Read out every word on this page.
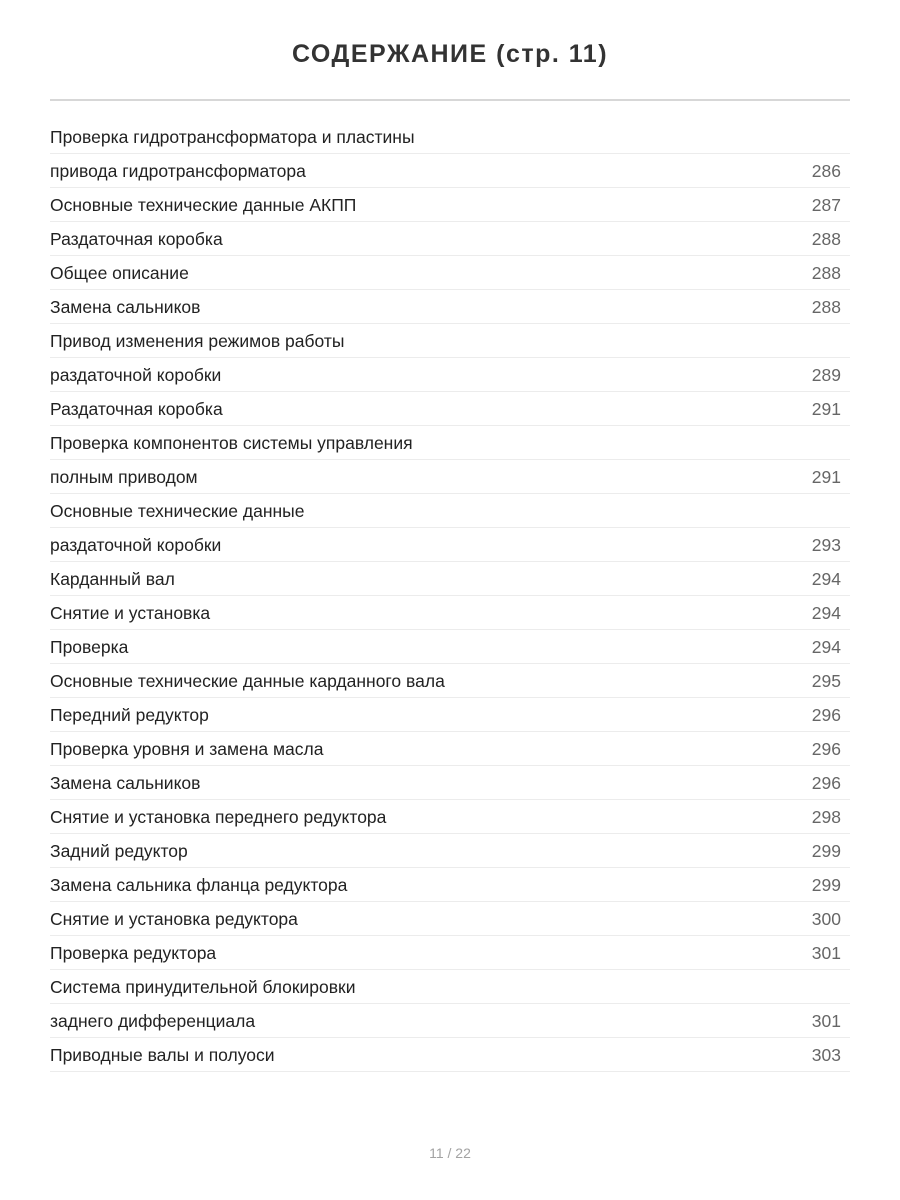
СОДЕРЖАНИЕ (стр. 11)
Проверка гидротрансформатора и пластины
привода гидротрансформатора	286
Основные технические данные АКПП	287
Раздаточная коробка	288
Общее описание	288
Замена сальников	288
Привод изменения режимов работы
раздаточной коробки	289
Раздаточная коробка	291
Проверка компонентов системы управления
полным приводом	291
Основные технические данные
раздаточной коробки	293
Карданный вал	294
Снятие и установка	294
Проверка	294
Основные технические данные карданного вала	295
Передний редуктор	296
Проверка уровня и замена масла	296
Замена сальников	296
Снятие и установка переднего редуктора	298
Задний редуктор	299
Замена сальника фланца редуктора	299
Снятие и установка редуктора	300
Проверка редуктора	301
Система принудительной блокировки
заднего дифференциала	301
Приводные валы и полуоси	303
11 / 22
